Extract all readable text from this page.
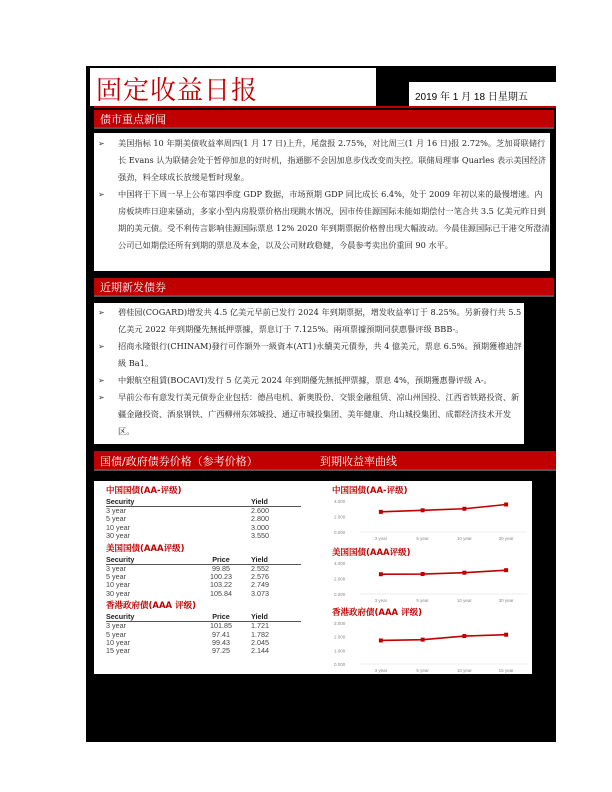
固定收益日报	2019 年 1 月 18 日星期五
债市重点新闻
➢ 美国指标 10 年期美债收益率周四(1 月 17 日)上升，尾盘报 2.75%，对比周三(1 月 16 日)报 2.72%。芝加哥联储行长 Evans 认为联储会处于暂停加息的好时机，指通膨不会因加息步伐改变而失控。联储局理事 Quarles 表示美国经济强劲，料全球成长放缓是暂时现象。
➢ 中国将于下周一早上公布第四季度 GDP 数据，市场预期 GDP 同比成长 6.4%，处于 2009 年初以来的最慢增速。内房板块昨日迎来骚动，多家小型内房股票价格出现跳水情况，因市传佳源国际未能如期偿付一笔合共 3.5 亿美元昨日到期的美元债。受不利传言影响佳源国际票息 12% 2020 年到期票据价格曾出现大幅波动。今晨佳源国际已于港交所澄清公司已如期偿还所有到期的票息及本金，以及公司财政稳健，今晨参考卖出价重回 90 水平。
近期新发债券
➢ 碧桂园(COGARD)增发共 4.5 亿美元早前已发行 2024 年到期票据，增发收益率订于 8.25%。另新發行共 5.5 亿美元 2022 年到期優先無抵押票據，票息订于 7.125%。兩項票據預期同获惠譽评级 BBB-。
➢ 招商永隆银行(CHINAM)發行可作額外一級資本(AT1)永續美元債券，共 4 億美元，票息 6.5%。預期獲穆迪評級 Ba1。
➢ 中銀航空租賃(BOCAVI)发行 5 亿美元 2024 年到期優先無抵押票據，票息 4%，預期獲惠譽评级 A-。
➢ 早前公布有意发行美元债券企业包括：德昌电机、新奥股份、交银金融租赁、凉山州国投、江西省铁路投资、新疆金融投资、酒泉钢铁、广西柳州东郊城投、通辽市城投集团、美年健康、舟山城投集团、成都经济技术开发区。
国债/政府债券价格（参考价格）	到期收益率曲线
中国国债(AA-评级)
Security		Yield
3 year		2.600
5 year		2.800
10 year		3.000
30 year		3.550
美国国债(AAA评级)
Security	Price	Yield
3 year	99.85	2.552
5 year	100.23	2.576
10 year	103.22	2.749
30 year	105.84	3.073
香港政府债(AAA 评级)
Security	Price	Yield
3 year	101.85	1.721
5 year	97.41	1.782
10 year	99.43	2.045
15 year	97.25	2.144
中国国债(AA-评级)
4.000
2.000
0.000
3 year	5 year	10 year	30 year
美国国债(AAA评级)
4.000
2.000
0.000
3 year	5 year	10 year	30 year
香港政府债(AAA 评级)
3.000
2.000
1.000
0.000
3 year	5 year	10 year	15 year
